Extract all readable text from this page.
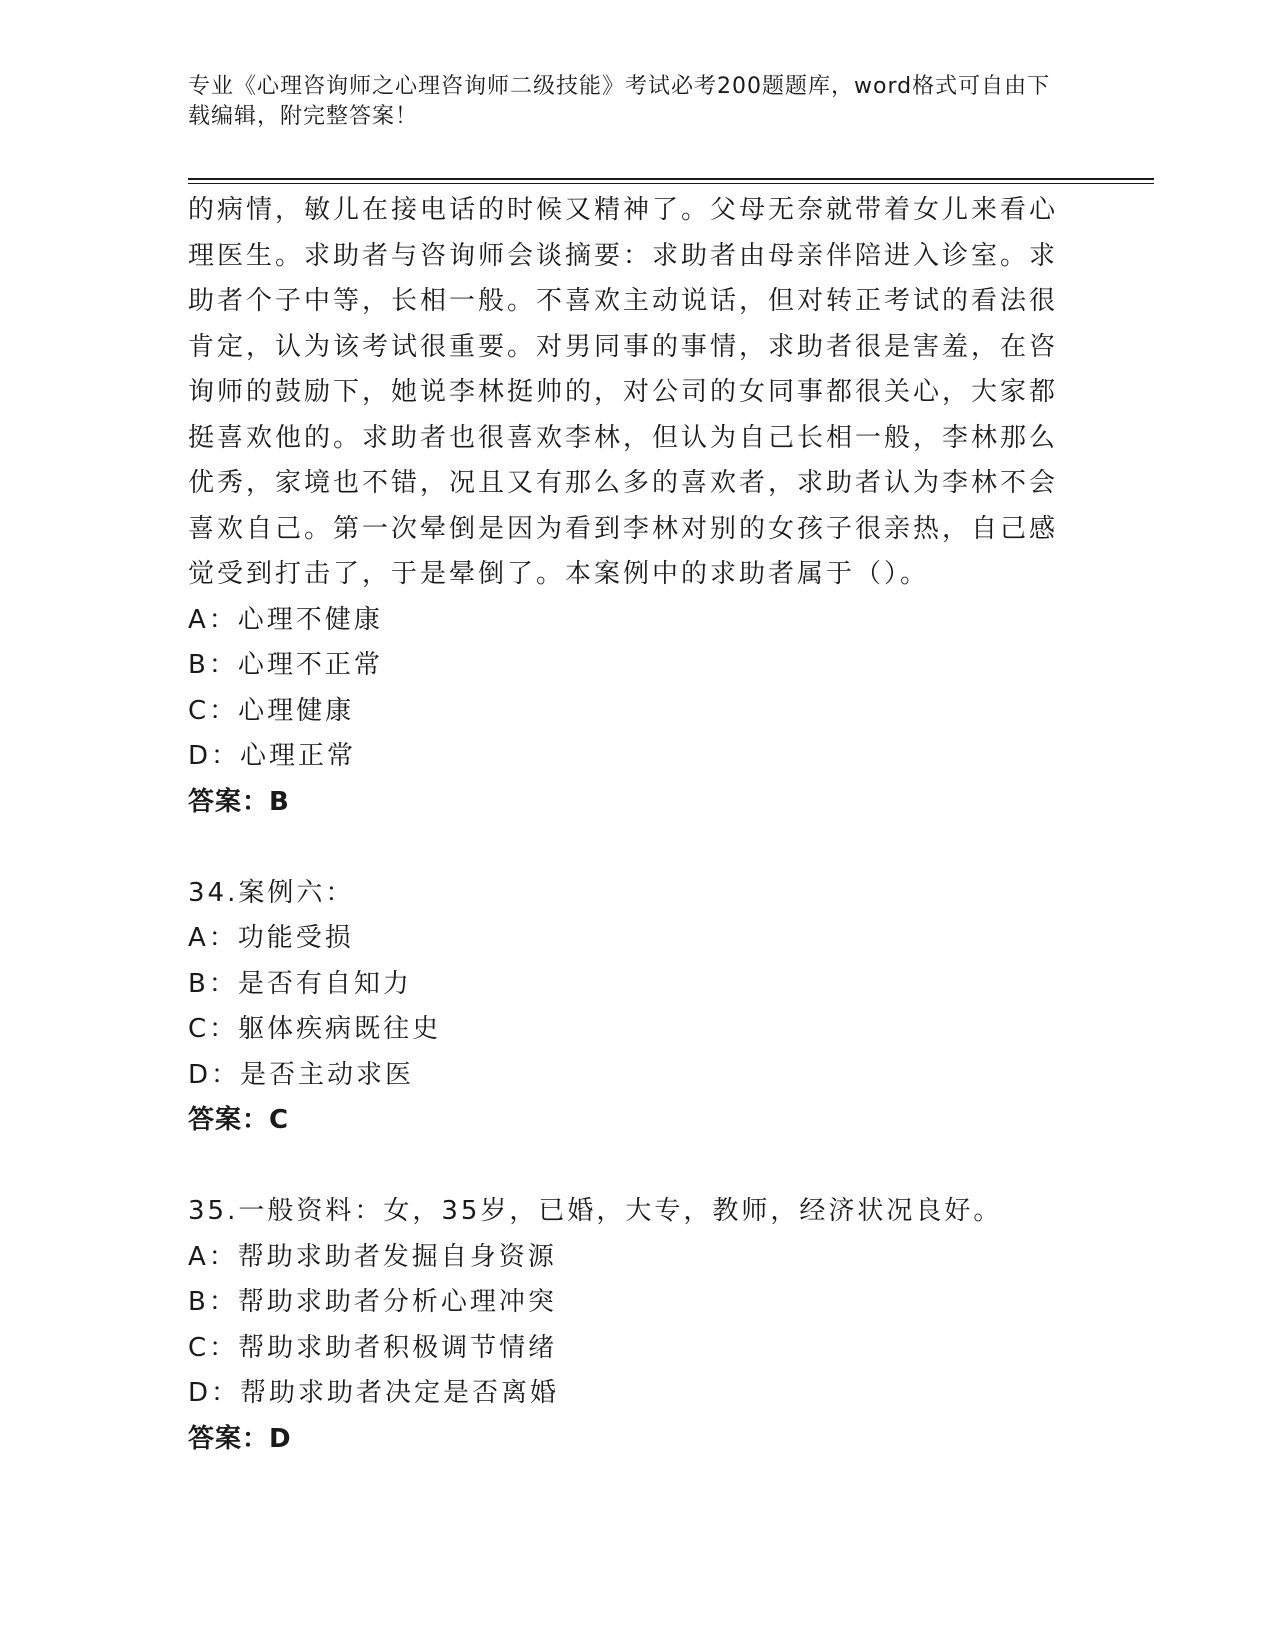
专业《心理咨询师之心理咨询师二级技能》考试必考200题题库，word格式可自由下载编辑，附完整答案！

的病情，敏儿在接电话的时候又精神了。父母无奈就带着女儿来看心

理医生。求助者与咨询师会谈摘要：求助者由母亲伴陪进入诊室。求

助者个子中等，长相一般。不喜欢主动说话，但对转正考试的看法很

肯定，认为该考试很重要。对男同事的事情，求助者很是害羞，在咨

询师的鼓励下，她说李林挺帅的，对公司的女同事都很关心，大家都

挺喜欢他的。求助者也很喜欢李林，但认为自己长相一般，李林那么

优秀，家境也不错，况且又有那么多的喜欢者，求助者认为李林不会

喜欢自己。第一次晕倒是因为看到李林对别的女孩子很亲热，自己感

觉受到打击了，于是晕倒了。本案例中的求助者属于（）。

A：心理不健康

B：心理不正常

C：心理健康

D：心理正常

答案：B

34.案例六：

A：功能受损

B：是否有自知力

C：躯体疾病既往史

D：是否主动求医

答案：C

35.一般资料：女，35岁，已婚，大专，教师，经济状况良好。

A：帮助求助者发掘自身资源

B：帮助求助者分析心理冲突

C：帮助求助者积极调节情绪

D：帮助求助者决定是否离婚

答案：D
